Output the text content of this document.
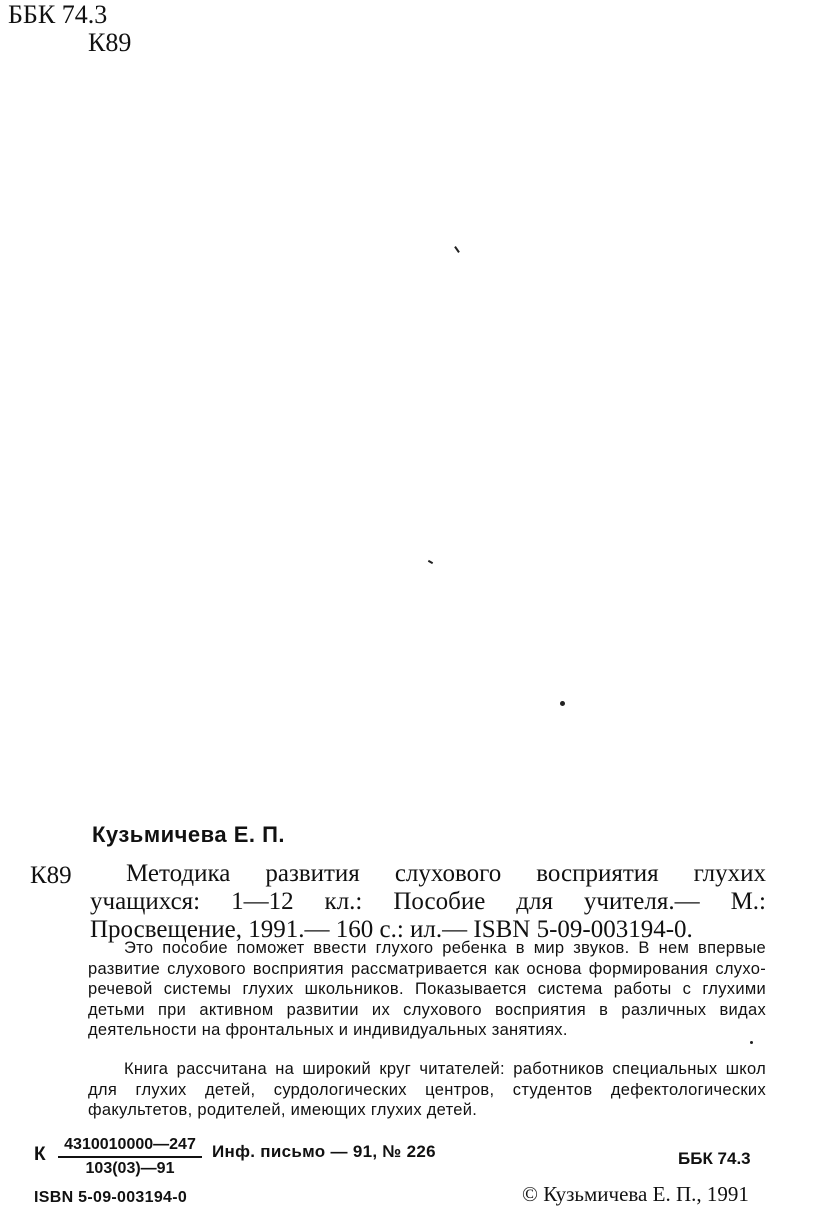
ББК 74.3
К89
Кузьмичева Е. П.
К89	Методика развития слухового восприятия глухих учащихся: 1—12 кл.: Пособие для учителя.— М.: Просвещение, 1991.— 160 с.: ил.— ISBN 5-09-003194-0.
Это пособие поможет ввести глухого ребенка в мир звуков. В нем впервые развитие слухового восприятия рассматривается как основа формирования слухо-речевой системы глухих школьников. Показывается система работы с глухими детьми при активном развитии их слухового восприятия в различных видах деятельности на фронтальных и индивидуальных занятиях.
Книга рассчитана на широкий круг читателей: работников специальных школ для глухих детей, сурдологических центров, студентов дефектологических факультетов, родителей, имеющих глухих детей.
К $\frac{4310010000—247}{103(03)—91}$ Инф. письмо — 91, № 226	ББК 74.3
ISBN 5-09-003194-0	© Кузьмичева Е. П., 1991
